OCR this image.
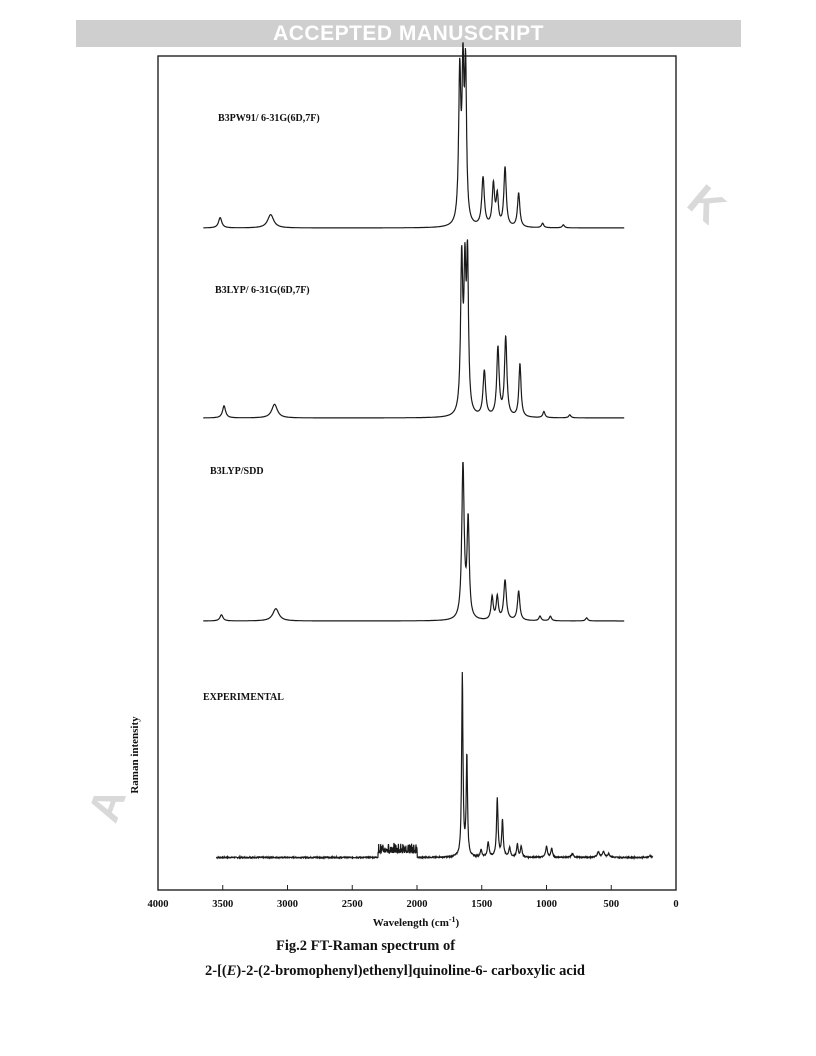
ACCEPTED MANUSCRIPT
A
K
4000	3500	3000	2500	2000	1500	1000	500	0
B3PW91/ 6-31G(6D,7F)
B3LYP/ 6-31G(6D,7F)
B3LYP/SDD
EXPERIMENTAL
Raman intensity
Wavelength $(cm^{-1})$
Fig.2 FT-Raman spectrum of
2-[(E)-2-(2-bromophenyl)ethenyl]quinoline-6- carboxylic acid
